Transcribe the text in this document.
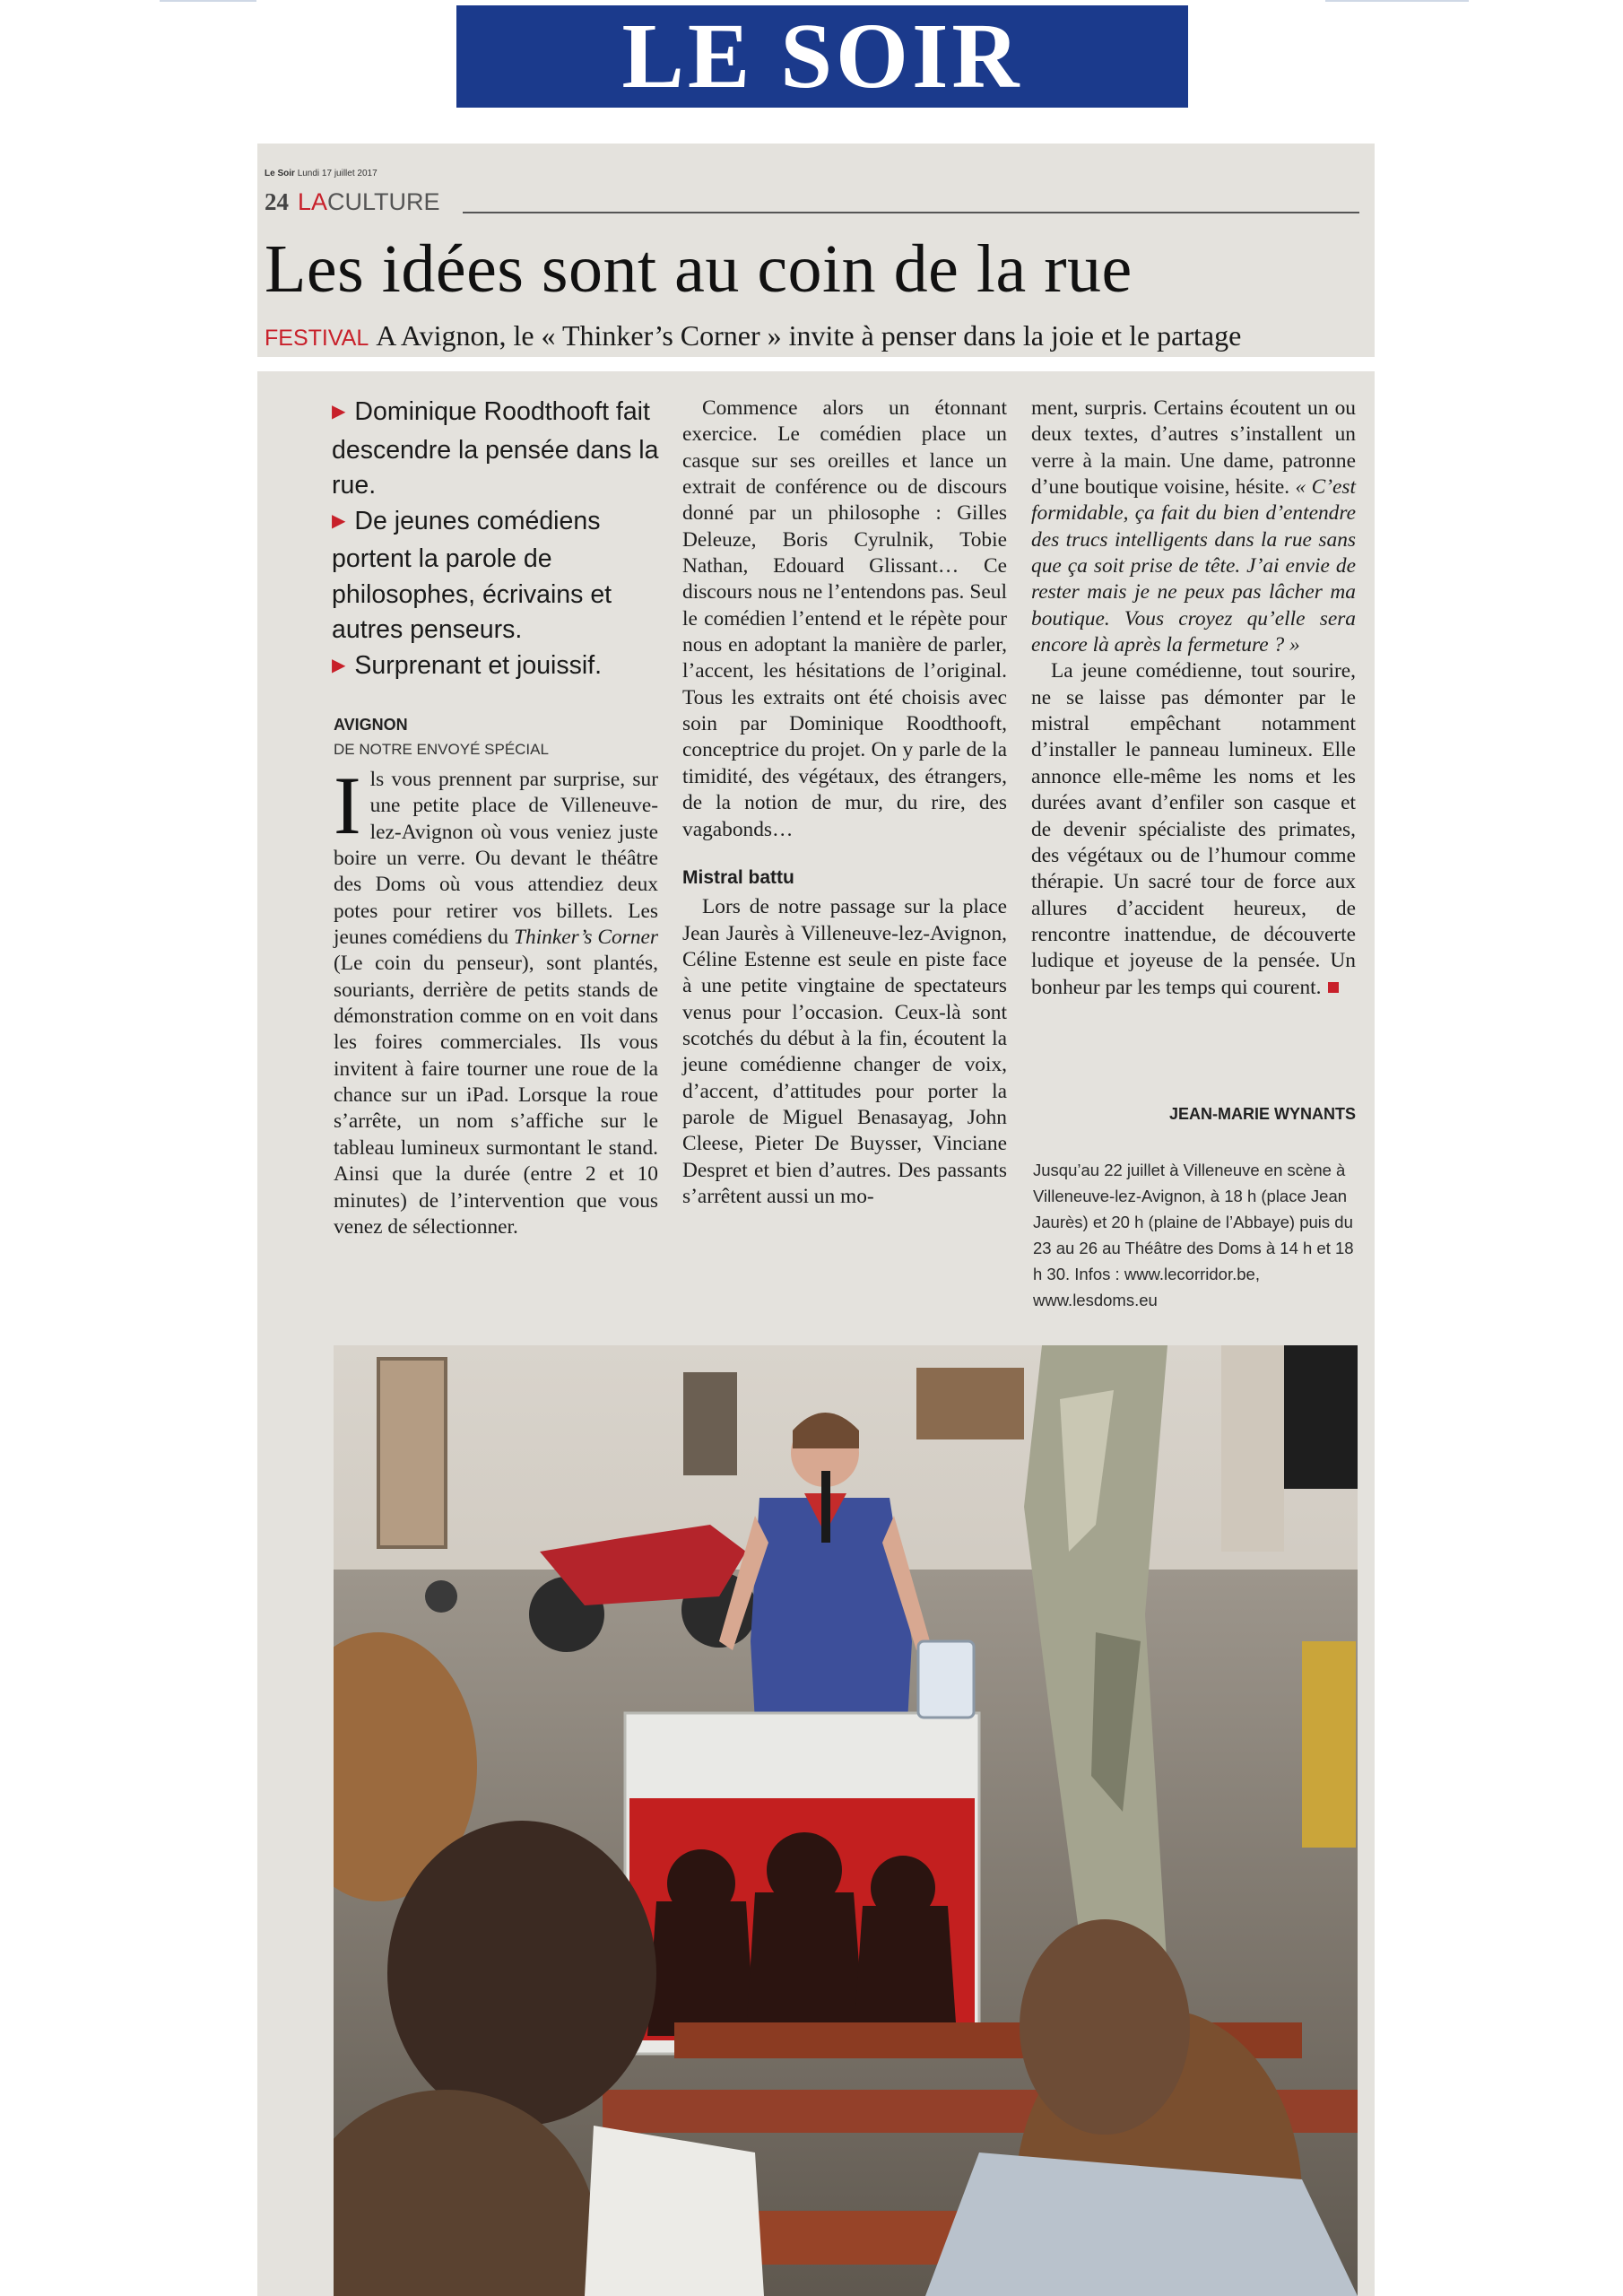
LE SOIR
Le Soir Lundi 17 juillet 2017
24 LACULTURE
Les idées sont au coin de la rue
FESTIVAL A Avignon, le « Thinker’s Corner » invite à penser dans la joie et le partage

▶ Dominique Roodthooft fait descendre la pensée dans la rue.

▶ De jeunes comédiens portent la parole de philosophes, écrivains et autres penseurs.

▶ Surprenant et jouissif.

AVIGNON
DE NOTRE ENVOYÉ SPÉCIAL

Ils vous prennent par surprise, sur une petite place de Villeneuve-lez-Avignon où vous veniez juste boire un verre. Ou devant le théâtre des Doms où vous attendiez deux potes pour retirer vos billets. Les jeunes comédiens du Thinker’s Corner (Le coin du penseur), sont plantés, souriants, derrière de petits stands de démonstration comme on en voit dans les foires commerciales. Ils vous invitent à faire tourner une roue de la chance sur un iPad. Lorsque la roue s’arrête, un nom s’affiche sur le tableau lumineux surmontant le stand. Ainsi que la durée (entre 2 et 10 minutes) de l’intervention que vous venez de sélectionner.

Commence alors un étonnant exercice. Le comédien place un casque sur ses oreilles et lance un extrait de conférence ou de discours donné par un philosophe : Gilles Deleuze, Boris Cyrulnik, Tobie Nathan, Edouard Glissant… Ce discours nous ne l’entendons pas. Seul le comédien l’entend et le répète pour nous en adoptant la manière de parler, l’accent, les hésitations de l’original. Tous les extraits ont été choisis avec soin par Dominique Roodthooft, conceptrice du projet. On y parle de la timidité, des végétaux, des étrangers, de la notion de mur, du rire, des vagabonds…

Mistral battu

Lors de notre passage sur la place Jean Jaurès à Villeneuve-lez-Avignon, Céline Estenne est seule en piste face à une petite vingtaine de spectateurs venus pour l’occasion. Ceux-là sont scotchés du début à la fin, écoutent la jeune comédienne changer de voix, d’accent, d’attitudes pour porter la parole de Miguel Benasayag, John Cleese, Pieter De Buysser, Vinciane Despret et bien d’autres. Des passants s’arrêtent aussi un mo-

ment, surpris. Certains écoutent un ou deux textes, d’autres s’installent un verre à la main. Une dame, patronne d’une boutique voisine, hésite. « C’est formidable, ça fait du bien d’entendre des trucs intelligents dans la rue sans que ça soit prise de tête. J’ai envie de rester mais je ne peux pas lâcher ma boutique. Vous croyez qu’elle sera encore là après la fermeture ? »

La jeune comédienne, tout sourire, ne se laisse pas démonter par le mistral empêchant notamment d’installer le panneau lumineux. Elle annonce elle-même les noms et les durées avant d’enfiler son casque et de devenir spécialiste des primates, des végétaux ou de l’humour comme thérapie. Un sacré tour de force aux allures d’accident heureux, de rencontre inattendue, de découverte ludique et joyeuse de la pensée. Un bonheur par les temps qui courent.

JEAN-MARIE WYNANTS
Jusqu’au 22 juillet à Villeneuve en scène à Villeneuve-lez-Avignon, à 18 h (place Jean Jaurès) et 20 h (plaine de l’Abbaye) puis du 23 au 26 au Théâtre des Doms à 14 h et 18 h 30. Infos : www.lecorridor.be, www.lesdoms.eu
